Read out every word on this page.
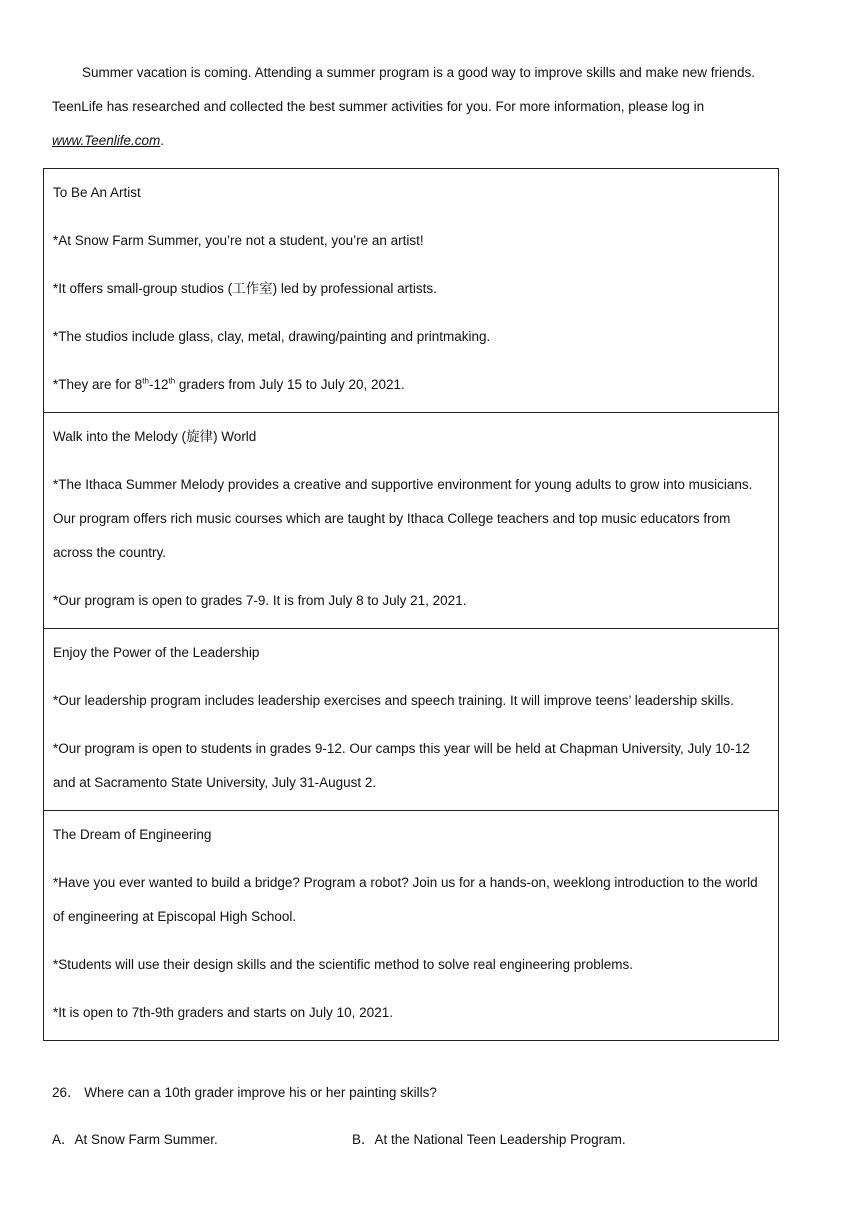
Summer vacation is coming. Attending a summer program is a good way to improve skills and make new friends.
TeenLife has researched and collected the best summer activities for you. For more information, please log in
www.Teenlife.com.

To Be An Artist

*At Snow Farm Summer, you’re not a student, you’re an artist!

*It offers small-group studios (工作室) led by professional artists.

*The studios include glass, clay, metal, drawing/painting and printmaking.

*They are for 8th-12th graders from July 15 to July 20, 2021.

Walk into the Melody (旋律) World

*The Ithaca Summer Melody provides a creative and supportive environment for young adults to grow into musicians. Our program offers rich music courses which are taught by Ithaca College teachers and top music educators from across the country.

*Our program is open to grades 7-9. It is from July 8 to July 21, 2021.

Enjoy the Power of the Leadership

*Our leadership program includes leadership exercises and speech training. It will improve teens’ leadership skills.

*Our program is open to students in grades 9-12. Our camps this year will be held at Chapman University, July 10-12 and at Sacramento State University, July 31-August 2.

The Dream of Engineering

*Have you ever wanted to build a bridge? Program a robot? Join us for a hands-on, weeklong introduction to the world of engineering at Episcopal High School.

*Students will use their design skills and the scientific method to solve real engineering problems.

*It is open to 7th-9th graders and starts on July 10, 2021.

26． Where can a 10th grader improve his or her painting skills?

A．At Snow Farm Summer.	B．At the National Teen Leadership Program.
